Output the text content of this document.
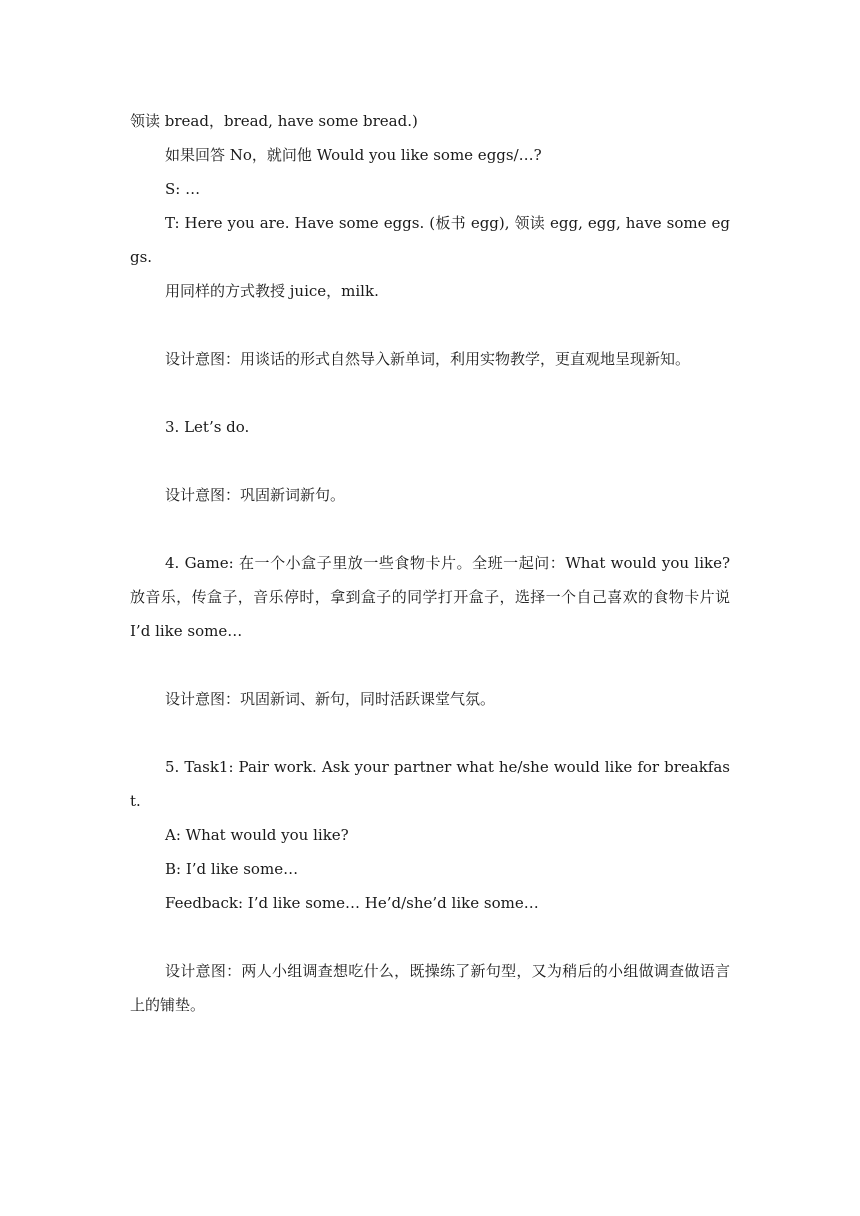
领读 bread，bread, have some bread.)

如果回答 No，就问他 Would you like some eggs/…?

S: …

T: Here you are. Have some eggs. (板书 egg), 领读 egg, egg, have some eggs.

用同样的方式教授 juice，milk.

设计意图：用谈话的形式自然导入新单词，利用实物教学，更直观地呈现新知。

3. Let’s do.

设计意图：巩固新词新句。

4. Game: 在一个小盒子里放一些食物卡片。全班一起问：What would you like? 放音乐，传盒子，音乐停时，拿到盒子的同学打开盒子，选择一个自己喜欢的食物卡片说 I’d like some…

设计意图：巩固新词、新句，同时活跃课堂气氛。

5. Task1: Pair work. Ask your partner what he/she would like for breakfast.

A: What would you like?

B: I’d like some…

Feedback: I’d like some… He’d/she’d like some…

设计意图：两人小组调查想吃什么，既操练了新句型，又为稍后的小组做调查做语言上的铺垫。
